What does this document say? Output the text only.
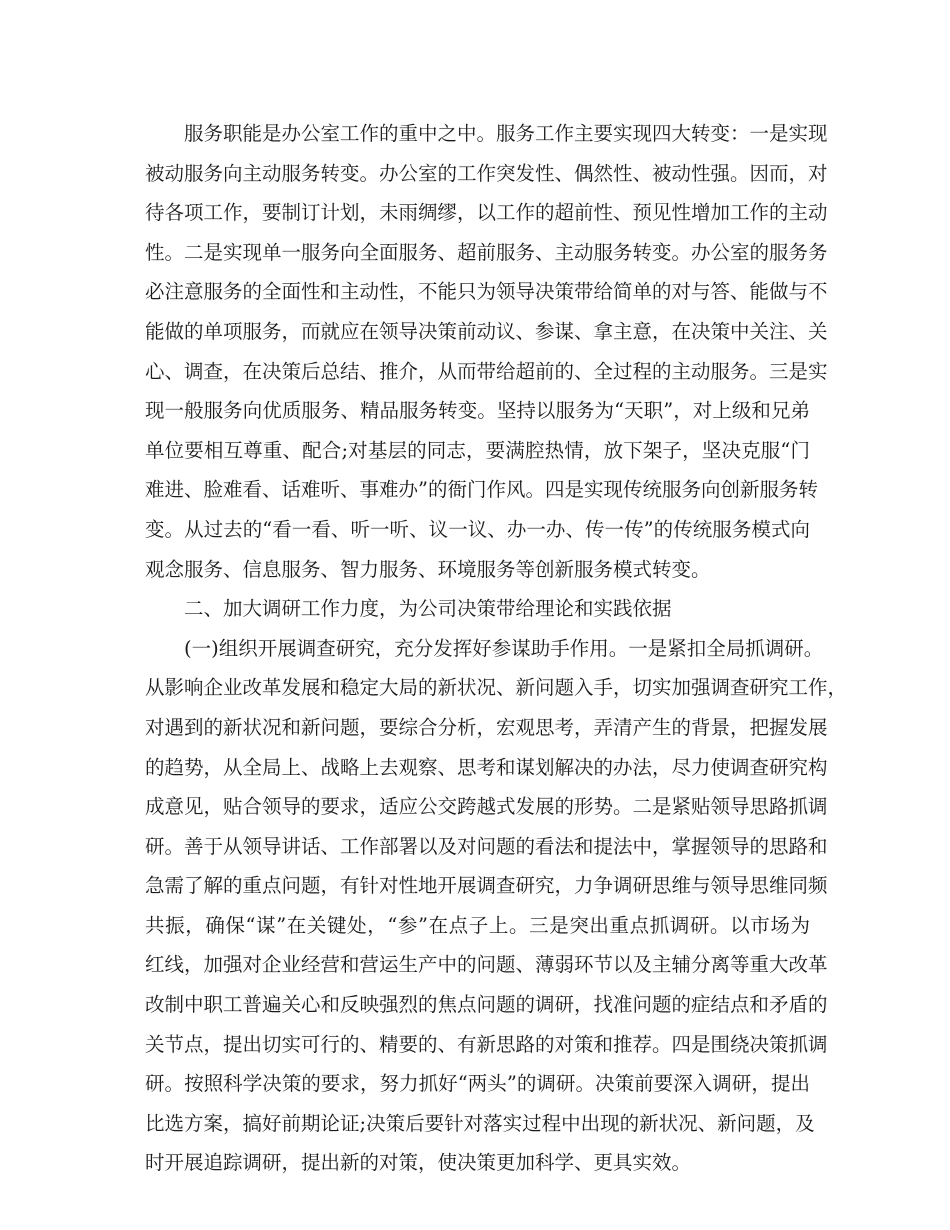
服务职能是办公室工作的重中之中。服务工作主要实现四大转变：一是实现
被动服务向主动服务转变。办公室的工作突发性、偶然性、被动性强。因而，对
待各项工作，要制订计划，未雨绸缪，以工作的超前性、预见性增加工作的主动
性。二是实现单一服务向全面服务、超前服务、主动服务转变。办公室的服务务
必注意服务的全面性和主动性，不能只为领导决策带给简单的对与答、能做与不
能做的单项服务，而就应在领导决策前动议、参谋、拿主意，在决策中关注、关
心、调查，在决策后总结、推介，从而带给超前的、全过程的主动服务。三是实
现一般服务向优质服务、精品服务转变。坚持以服务为“天职”，对上级和兄弟
单位要相互尊重、配合;对基层的同志，要满腔热情，放下架子，坚决克服“门
难进、脸难看、话难听、事难办”的衙门作风。四是实现传统服务向创新服务转
变。从过去的“看一看、听一听、议一议、办一办、传一传”的传统服务模式向
观念服务、信息服务、智力服务、环境服务等创新服务模式转变。
二、加大调研工作力度，为公司决策带给理论和实践依据
(一)组织开展调查研究，充分发挥好参谋助手作用。一是紧扣全局抓调研。
从影响企业改革发展和稳定大局的新状况、新问题入手，切实加强调查研究工作，
对遇到的新状况和新问题，要综合分析，宏观思考，弄清产生的背景，把握发展
的趋势，从全局上、战略上去观察、思考和谋划解决的办法，尽力使调查研究构
成意见，贴合领导的要求，适应公交跨越式发展的形势。二是紧贴领导思路抓调
研。善于从领导讲话、工作部署以及对问题的看法和提法中，掌握领导的思路和
急需了解的重点问题，有针对性地开展调查研究，力争调研思维与领导思维同频
共振，确保“谋”在关键处，“参”在点子上。三是突出重点抓调研。以市场为
红线，加强对企业经营和营运生产中的问题、薄弱环节以及主辅分离等重大改革
改制中职工普遍关心和反映强烈的焦点问题的调研，找准问题的症结点和矛盾的
关节点，提出切实可行的、精要的、有新思路的对策和推荐。四是围绕决策抓调
研。按照科学决策的要求，努力抓好“两头”的调研。决策前要深入调研，提出
比选方案，搞好前期论证;决策后要针对落实过程中出现的新状况、新问题，及
时开展追踪调研，提出新的对策，使决策更加科学、更具实效。
